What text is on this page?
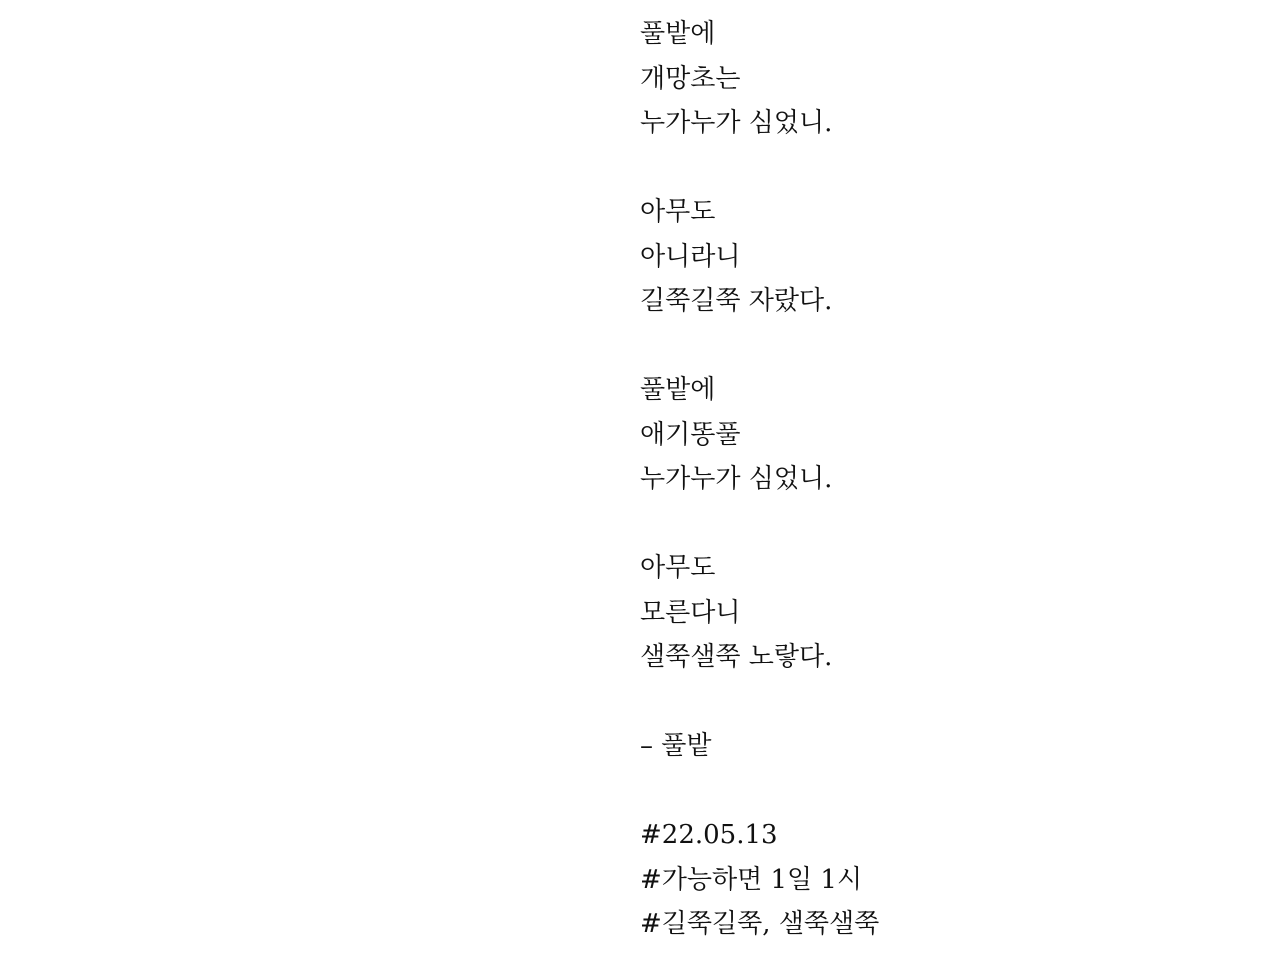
풀밭에
개망초는
누가누가 심었니.
아무도
아니라니
길쭉길쭉 자랐다.
풀밭에
애기똥풀
누가누가 심었니.
아무도
모른다니
샐쭉샐쭉 노랗다.
– 풀밭
#22.05.13
#가능하면 1일 1시
#길쭉길쭉, 샐쭉샐쭉
